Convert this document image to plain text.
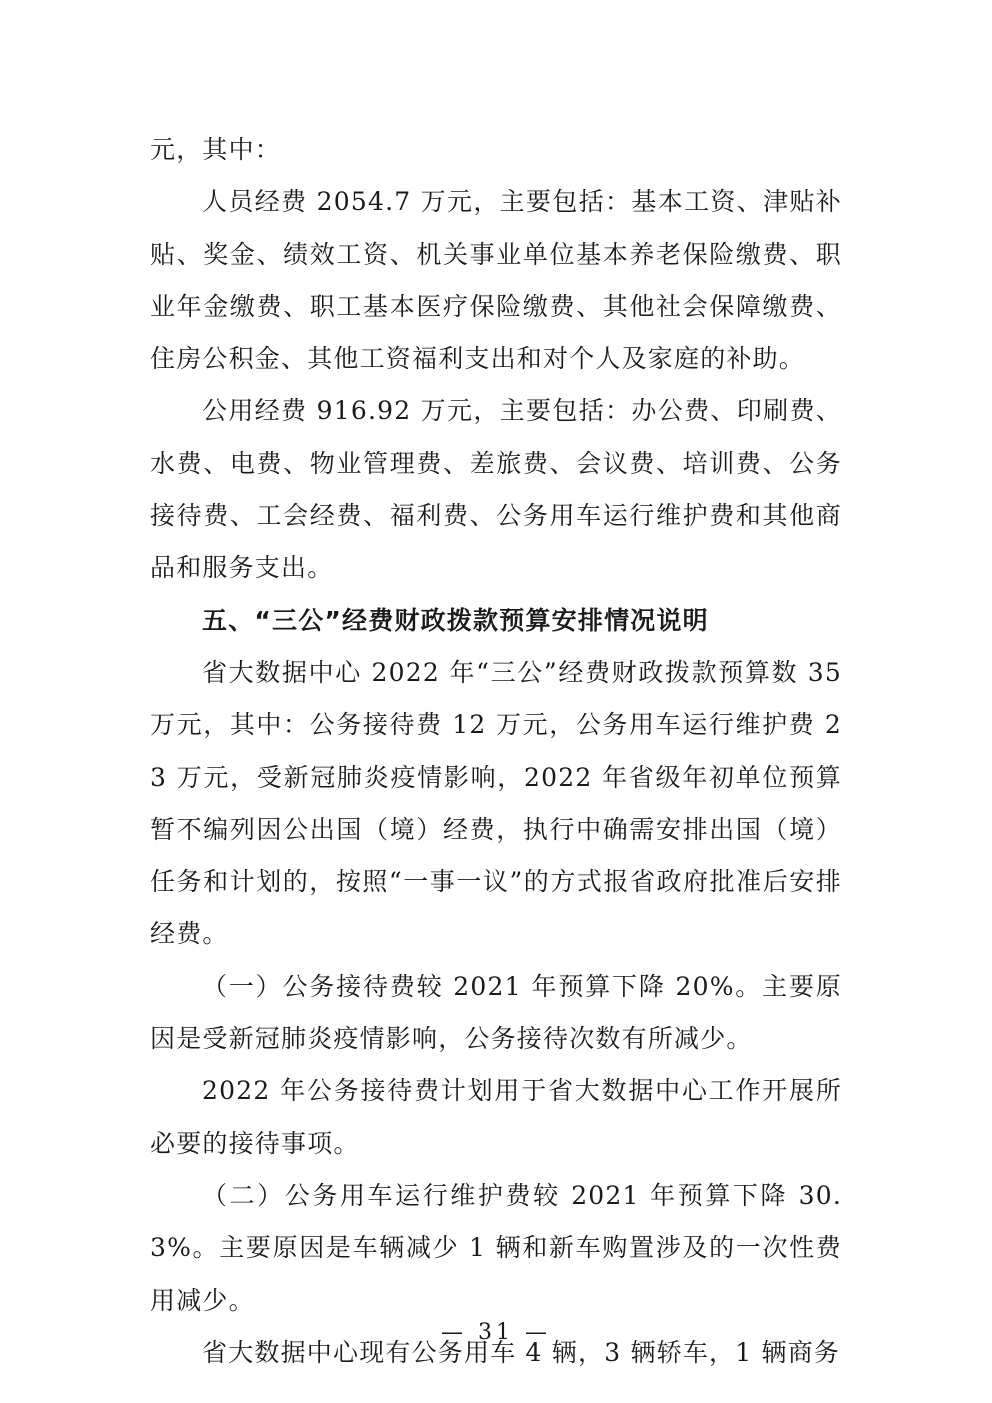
元，其中：

人员经费 2054.7 万元，主要包括：基本工资、津贴补贴、奖金、绩效工资、机关事业单位基本养老保险缴费、职业年金缴费、职工基本医疗保险缴费、其他社会保障缴费、住房公积金、其他工资福利支出和对个人及家庭的补助。

公用经费 916.92 万元，主要包括：办公费、印刷费、水费、电费、物业管理费、差旅费、会议费、培训费、公务接待费、工会经费、福利费、公务用车运行维护费和其他商品和服务支出。

五、“三公”经费财政拨款预算安排情况说明

省大数据中心 2022 年“三公”经费财政拨款预算数 35 万元，其中：公务接待费 12 万元，公务用车运行维护费 23 万元，受新冠肺炎疫情影响，2022 年省级年初单位预算暂不编列因公出国（境）经费，执行中确需安排出国（境）任务和计划的，按照“一事一议”的方式报省政府批准后安排经费。

（一）公务接待费较 2021 年预算下降 20%。主要原因是受新冠肺炎疫情影响，公务接待次数有所减少。

2022 年公务接待费计划用于省大数据中心工作开展所必要的接待事项。

（二）公务用车运行维护费较 2021 年预算下降 30.3%。主要原因是车辆减少 1 辆和新车购置涉及的一次性费用减少。

省大数据中心现有公务用车 4 辆，3 辆轿车，1 辆商务

— 31 —
